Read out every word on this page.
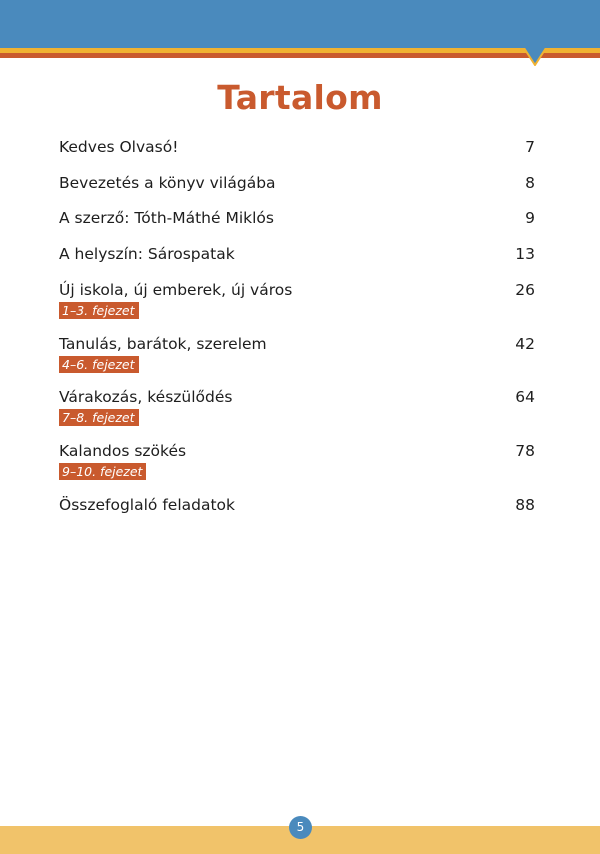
Tartalom
Kedves Olvasó!	7
Bevezetés a könyv világába	8
A szerző: Tóth-Máthé Miklós	9
A helyszín: Sárospatak	13
Új iskola, új emberek, új város	26
1–3. fejezet
Tanulás, barátok, szerelem	42
4–6. fejezet
Várakozás, készülődés	64
7–8. fejezet
Kalandos szökés	78
9–10. fejezet
Összefoglaló feladatok	88
5
